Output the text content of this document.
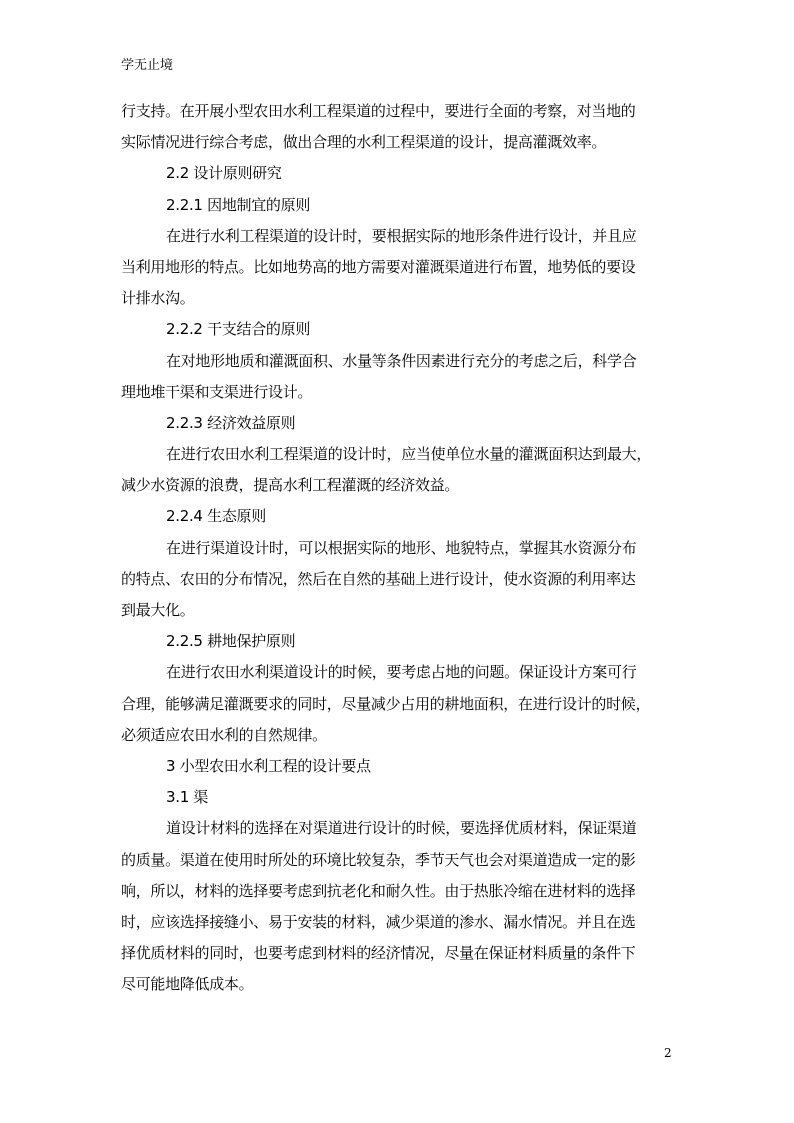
学无止境
行支持。在开展小型农田水利工程渠道的过程中，要进行全面的考察，对当地的
实际情况进行综合考虑，做出合理的水利工程渠道的设计，提高灌溉效率。
2.2 设计原则研究
2.2.1 因地制宜的原则
在进行水利工程渠道的设计时，要根据实际的地形条件进行设计，并且应
当利用地形的特点。比如地势高的地方需要对灌溉渠道进行布置，地势低的要设
计排水沟。
2.2.2 干支结合的原则
在对地形地质和灌溉面积、水量等条件因素进行充分的考虑之后，科学合
理地堆干渠和支渠进行设计。
2.2.3 经济效益原则
在进行农田水利工程渠道的设计时，应当使单位水量的灌溉面积达到最大，
减少水资源的浪费，提高水利工程灌溉的经济效益。
2.2.4 生态原则
在进行渠道设计时，可以根据实际的地形、地貌特点，掌握其水资源分布
的特点、农田的分布情况，然后在自然的基础上进行设计，使水资源的利用率达
到最大化。
2.2.5 耕地保护原则
在进行农田水利渠道设计的时候，要考虑占地的问题。保证设计方案可行
合理，能够满足灌溉要求的同时，尽量减少占用的耕地面积，在进行设计的时候，
必须适应农田水利的自然规律。
3 小型农田水利工程的设计要点
3.1 渠
道设计材料的选择在对渠道进行设计的时候，要选择优质材料，保证渠道
的质量。渠道在使用时所处的环境比较复杂，季节天气也会对渠道造成一定的影
响，所以，材料的选择要考虑到抗老化和耐久性。由于热胀冷缩在进材料的选择
时，应该选择接缝小、易于安装的材料，减少渠道的渗水、漏水情况。并且在选
择优质材料的同时，也要考虑到材料的经济情况，尽量在保证材料质量的条件下
尽可能地降低成本。
2
